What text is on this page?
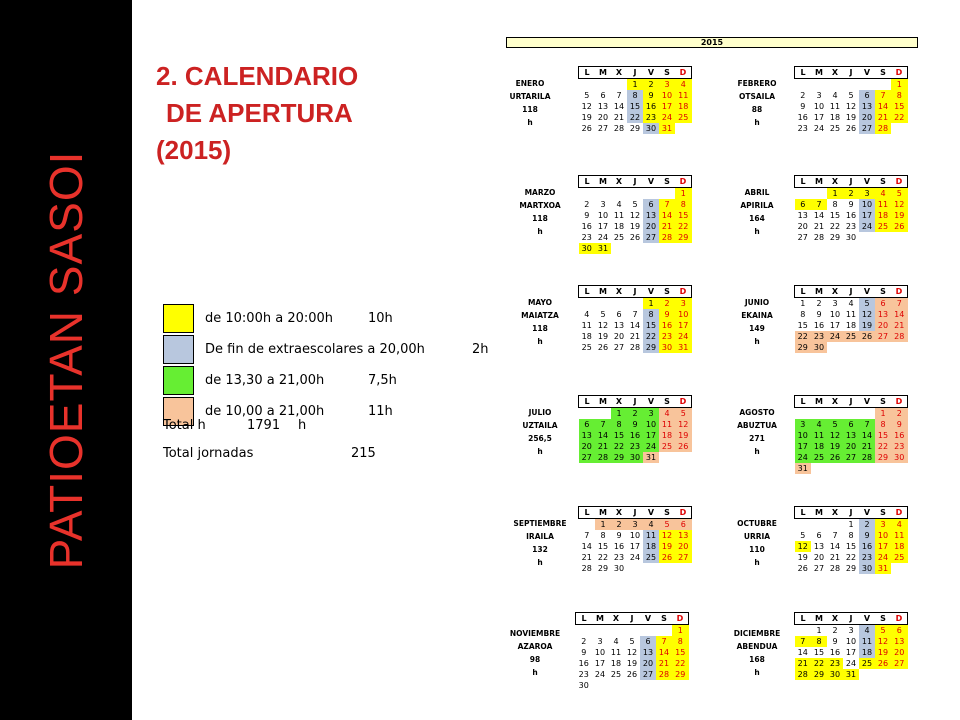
PATIOETAN SASOI
2. CALENDARIO
DE APERTURA
(2015)
de 10:00h a 20:00h	10h
De fin de extraescolares a 20,00h	2h
de 13,30 a 21,00h	7,5h
de 10,00 a 21,00h	11h
Total h	1791 h
Total jornadas	215
2015
ENERO
URTARILA
118
h
L	M	X	J	V	S	D
			1	2	3	4
5	6	7	8	9	10	11
12	13	14	15	16	17	18
19	20	21	22	23	24	25
26	27	28	29	30	31	
FEBRERO
OTSAILA
88
h
L	M	X	J	V	S	D
						1
2	3	4	5	6	7	8
9	10	11	12	13	14	15
16	17	18	19	20	21	22
23	24	25	26	27	28	
MARZO
MARTXOA
118
h
L	M	X	J	V	S	D
						1
2	3	4	5	6	7	8
9	10	11	12	13	14	15
16	17	18	19	20	21	22
23	24	25	26	27	28	29
30	31					
ABRIL
APIRILA
164
h
L	M	X	J	V	S	D
		1	2	3	4	5
6	7	8	9	10	11	12
13	14	15	16	17	18	19
20	21	22	23	24	25	26
27	28	29	30			
MAYO
MAIATZA
118
h
L	M	X	J	V	S	D
				1	2	3
4	5	6	7	8	9	10
11	12	13	14	15	16	17
18	19	20	21	22	23	24
25	26	27	28	29	30	31
JUNIO
EKAINA
149
h
L	M	X	J	V	S	D
1	2	3	4	5	6	7
8	9	10	11	12	13	14
15	16	17	18	19	20	21
22	23	24	25	26	27	28
29	30					
JULIO
UZTAILA
256,5
h
L	M	X	J	V	S	D
		1	2	3	4	5
6	7	8	9	10	11	12
13	14	15	16	17	18	19
20	21	22	23	24	25	26
27	28	29	30	31		
AGOSTO
ABUZTUA
271
h
L	M	X	J	V	S	D
					1	2
3	4	5	6	7	8	9
10	11	12	13	14	15	16
17	18	19	20	21	22	23
24	25	26	27	28	29	30
31						
SEPTIEMBRE
IRAILA
132
h
L	M	X	J	V	S	D
	1	2	3	4	5	6
7	8	9	10	11	12	13
14	15	16	17	18	19	20
21	22	23	24	25	26	27
28	29	30				
OCTUBRE
URRIA
110
h
L	M	X	J	V	S	D
			1	2	3	4
5	6	7	8	9	10	11
12	13	14	15	16	17	18
19	20	21	22	23	24	25
26	27	28	29	30	31	
NOVIEMBRE
AZAROA
98
h
L	M	X	J	V	S	D
						1
2	3	4	5	6	7	8
9	10	11	12	13	14	15
16	17	18	19	20	21	22
23	24	25	26	27	28	29
30						
DICIEMBRE
ABENDUA
168
h
L	M	X	J	V	S	D
	1	2	3	4	5	6
7	8	9	10	11	12	13
14	15	16	17	18	19	20
21	22	23	24	25	26	27
28	29	30	31			
